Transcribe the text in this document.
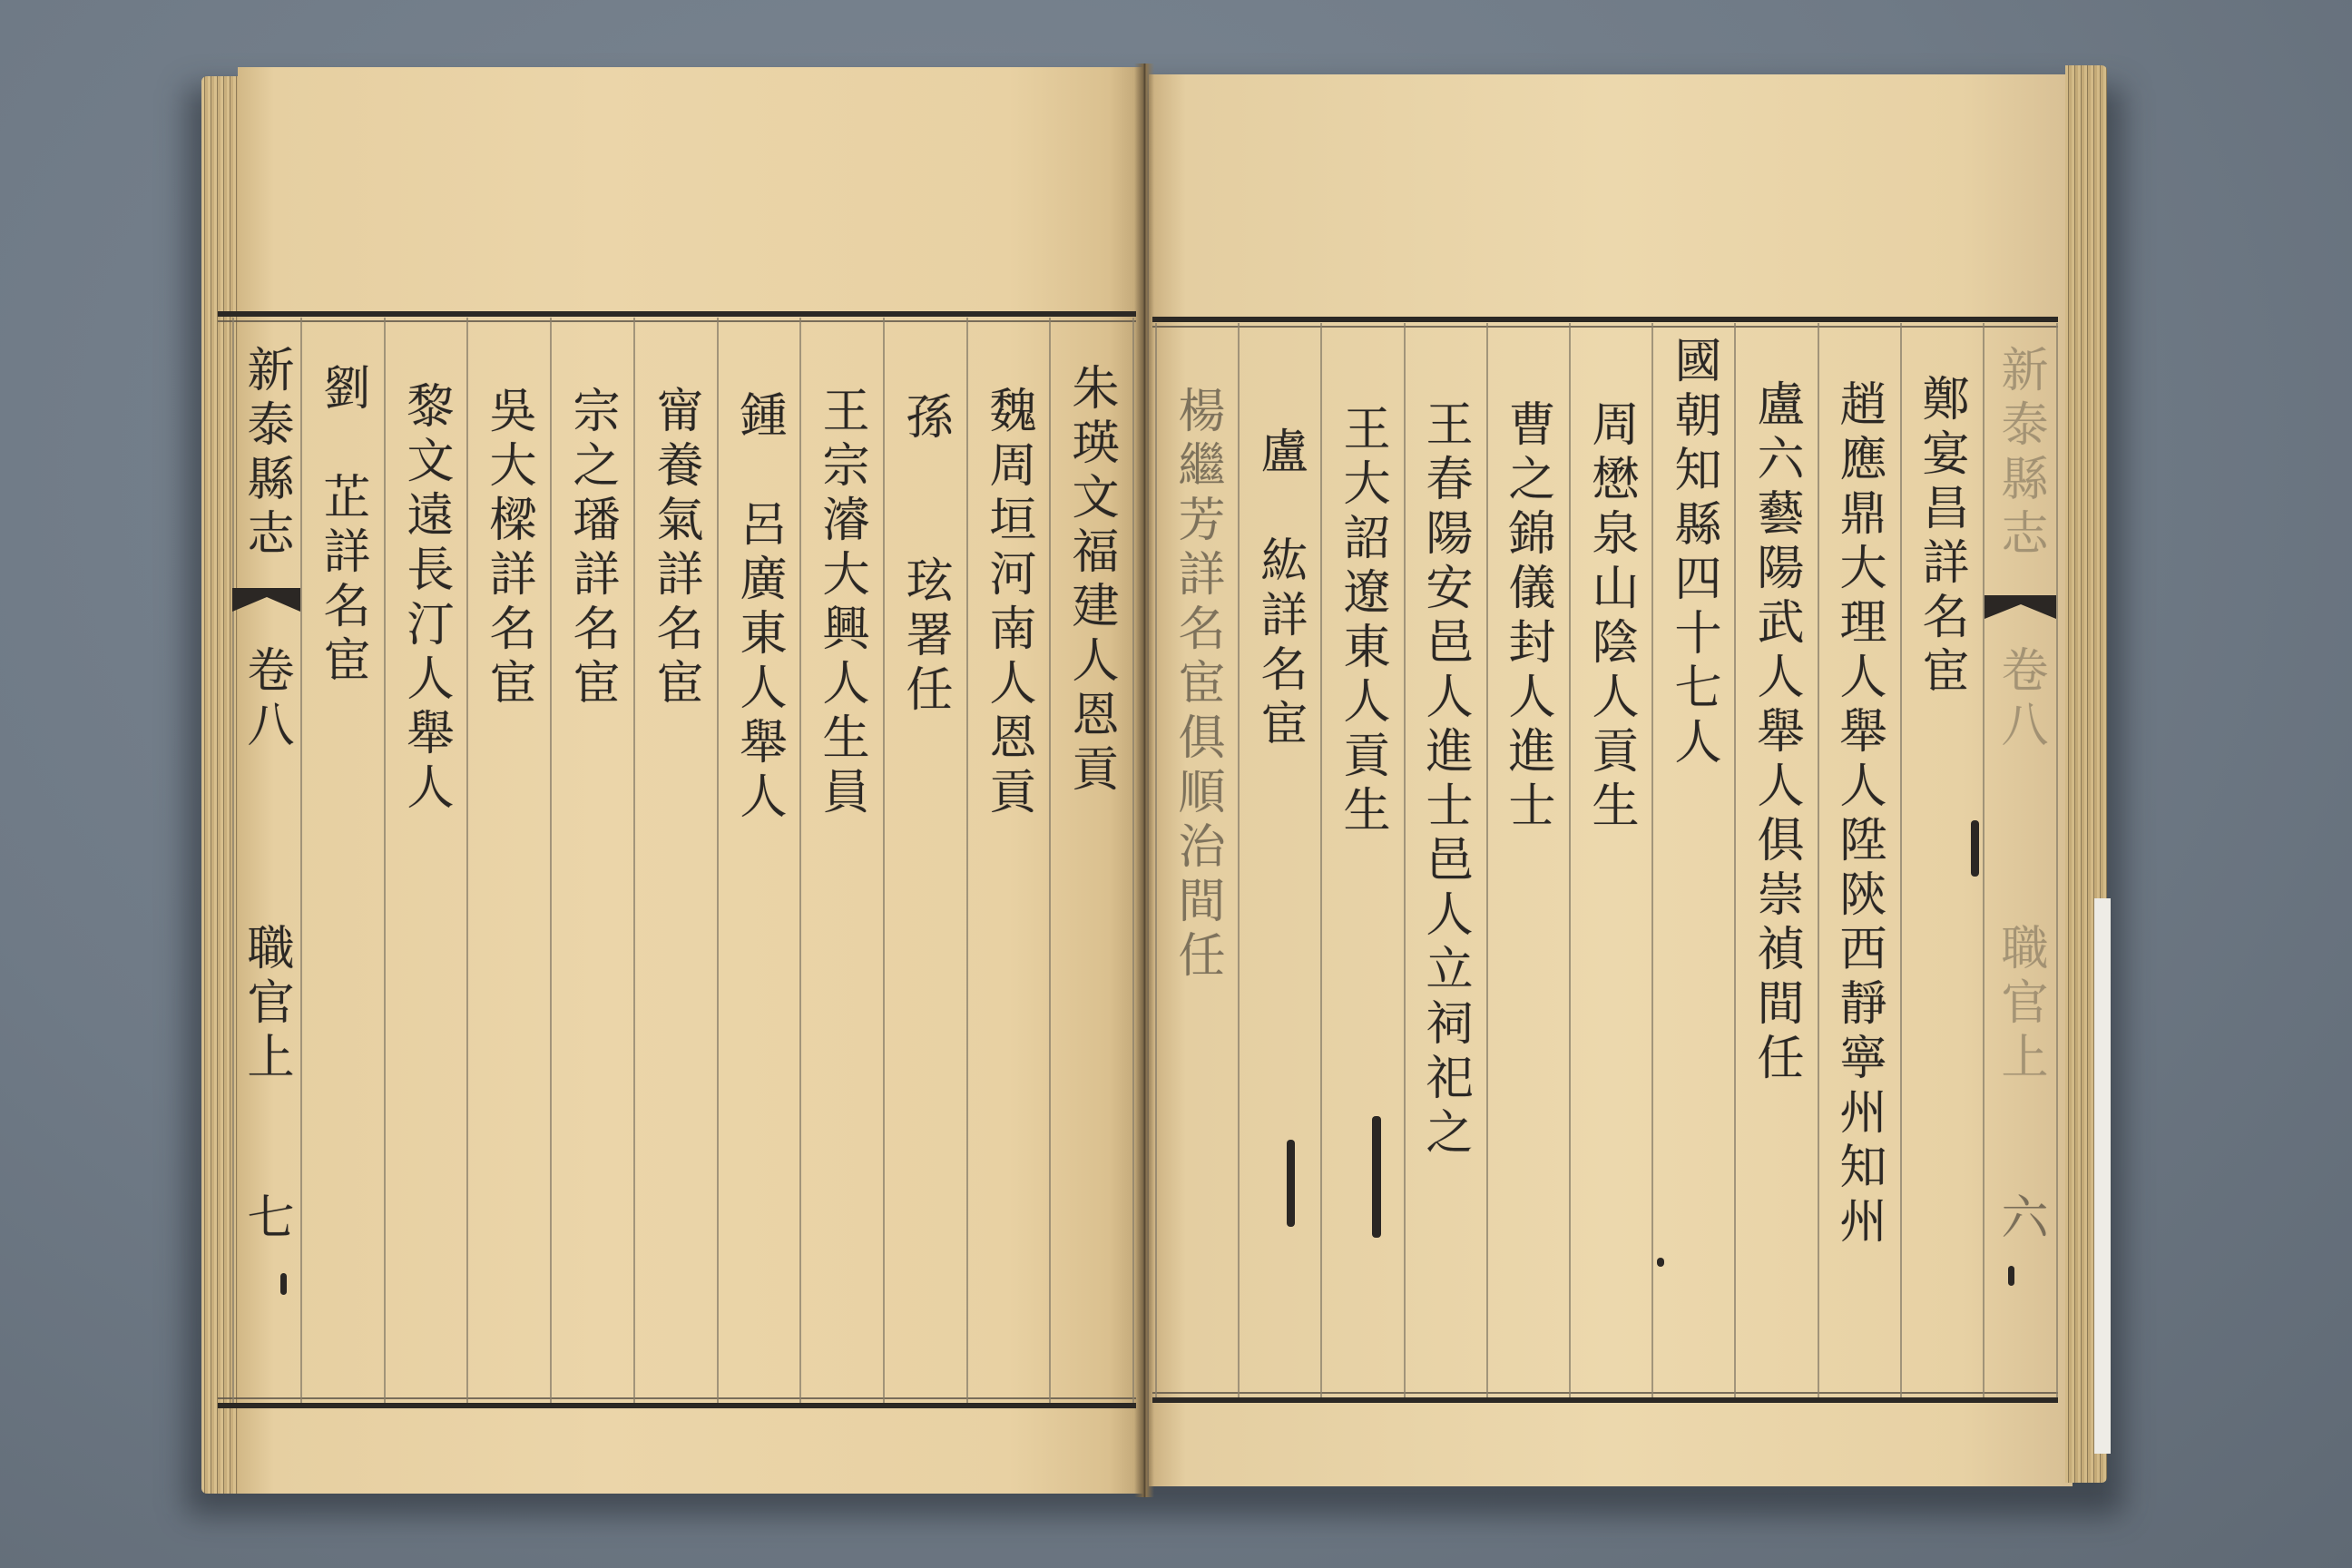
新泰縣志
卷八
職官上
七
朱瑛文福建人恩貢
魏周垣河南人恩貢
孫　　玹署任
王宗濬大興人生員
鍾　呂廣東人舉人
甯養氣詳名宦
宗之璠詳名宦
吳大樑詳名宦
黎文遠長汀人舉人
劉　芷詳名宦	新泰縣志
卷八
職官上
六
鄭宴昌詳名宦
趙應鼎大理人舉人陞陝西靜寧州知州
盧六藝陽武人舉人俱崇禎間任
國朝知縣四十七人
周懋泉山陰人貢生
曹之錦儀封人進士
王春陽安邑人進士邑人立祠祀之
王大詔遼東人貢生
盧　紘詳名宦
楊繼芳詳名宦俱順治間任
